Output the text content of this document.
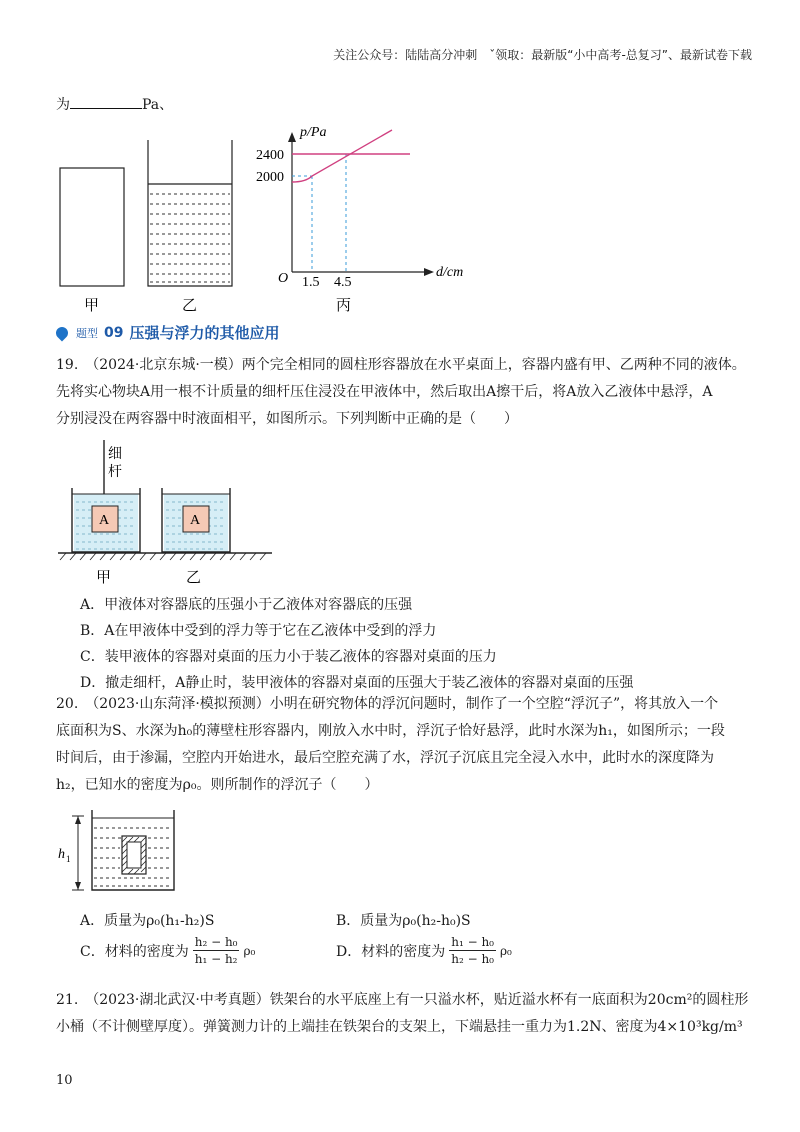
关注公众号：陆陆高分冲刺　ˇ领取：最新版“小中高考-总复习”、最新试卷下载
为	Pa、
p/Pa
2400
2000
O 1.5 4.5
d/cm
甲	乙	丙
题型 09 压强与浮力的其他应用
19.　（2024·北京东城·一模）两个完全相同的圆柱形容器放在水平桌面上，容器内盛有甲、乙两种不同的液体。
先将实心物块A用一根不计质量的细杆压住浸没在甲液体中，然后取出A擦干后，将A放入乙液体中悬浮，A
分别浸没在两容器中时液面相平，如图所示。下列判断中正确的是（　　）
细
杆
A	A
甲	乙
A．甲液体对容器底的压强小于乙液体对容器底的压强
B．A在甲液体中受到的浮力等于它在乙液体中受到的浮力
C．装甲液体的容器对桌面的压力小于装乙液体的容器对桌面的压力
D．撤走细杆，A静止时，装甲液体的容器对桌面的压强大于装乙液体的容器对桌面的压强
20.　（2023·山东菏泽·模拟预测）小明在研究物体的浮沉问题时，制作了一个空腔“浮沉子”，将其放入一个
底面积为S、水深为h₀的薄壁柱形容器内，刚放入水中时，浮沉子恰好悬浮，此时水深为h₁，如图所示；一段
时间后，由于渗漏，空腔内开始进水，最后空腔充满了水，浮沉子沉底且完全浸入水中，此时水的深度降为
h₂，已知水的密度为ρ₀。则所制作的浮沉子（　　）
h 1
A．质量为ρ₀(h₁-h₂)S	B．质量为ρ₀(h₂-h₀)S
C．材料的密度为 $\frac{\text{h₂ − h₀}}{\text{h₁ − h₂}} \rho_0$	D．材料的密度为 $\frac{\text{h₁ − h₀}}{\text{h₂ − h₀}} \rho_0$
21.　（2023·湖北武汉·中考真题）铁架台的水平底座上有一只溢水杯，贴近溢水杯有一底面积为20cm²的圆柱形
小桶（不计侧壁厚度）。弹簧测力计的上端挂在铁架台的支架上，下端悬挂一重力为1.2N、密度为4×10³kg/m³
10
